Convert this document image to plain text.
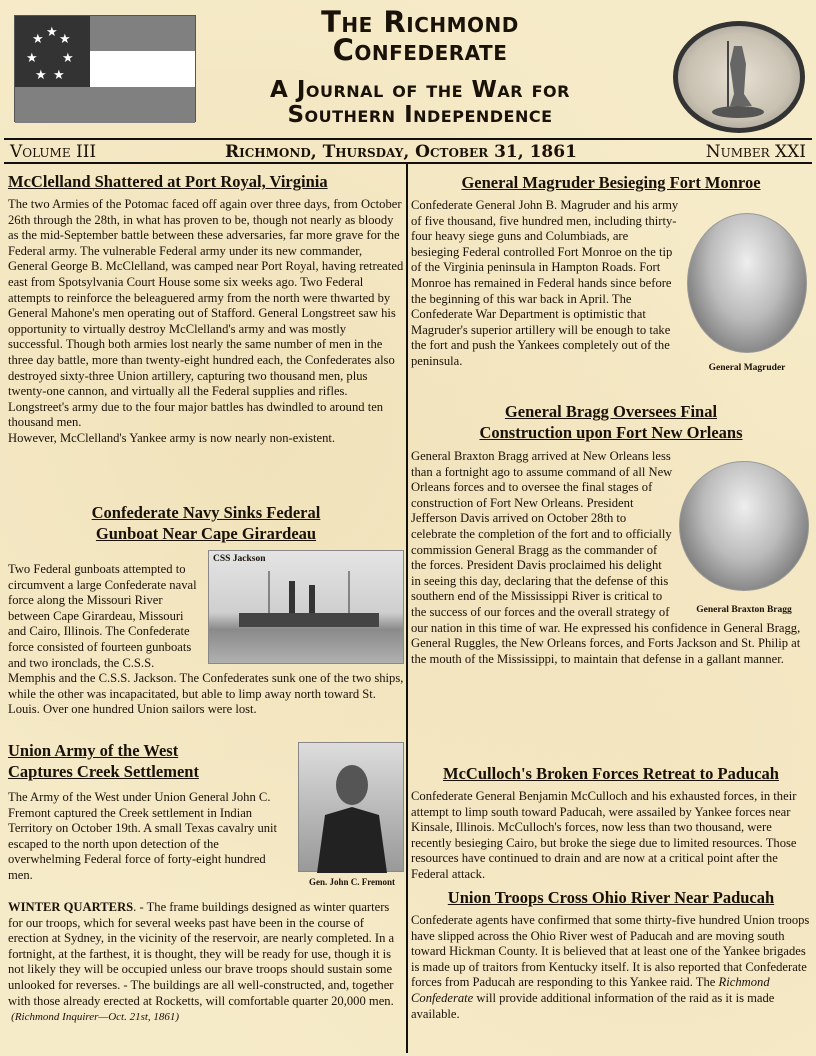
★ ★
★
★ ★
★ ★
The Richmond
Confederate
A Journal of the War for
Southern Independence
Volume III	Richmond, Thursday, October 31, 1861	Number XXI
McClelland Shattered at Port Royal, Virginia

The two Armies of the Potomac faced off again over three days, from October 26th through the 28th, in what has proven to be, though not nearly as bloody as the mid-September battle between these adversaries, far more grave for the Federal army. The vulnerable Federal army under its new commander, General George B. McClelland, was camped near Port Royal, having retreated east from Spotsylvania Court House some six weeks ago. Two Federal attempts to reinforce the beleaguered army from the north were thwarted by General Mahone's men operating out of Stafford. General Longstreet saw his opportunity to virtually destroy McClelland's army and was mostly successful. Though both armies lost nearly the same number of men in the three day battle, more than twenty-eight hundred each, the Confederates also destroyed sixty-three Union artillery, capturing two thousand men, plus twenty-one cannon, and virtually all the Federal supplies and rifles. Longstreet's army due to the four major battles has dwindled to around ten thousand men.

However, McClelland's Yankee army is now nearly non-existent.

Confederate Navy Sinks Federal
Gunboat Near Cape Girardeau
CSS Jackson

Two Federal gunboats attempted to circumvent a large Confederate naval force along the Missouri River between Cape Girardeau, Missouri and Cairo, Illinois. The Confederate force consisted of fourteen gunboats and two ironclads, the C.S.S. Memphis and the C.S.S. Jackson. The Confederates sunk one of the two ships, while the other was incapacitated, but able to limp away north toward St. Louis. Over one hundred Union sailors were lost.

Gen. John C. Fremont
Union Army of the West
Captures Creek Settlement

The Army of the West under Union General John C. Fremont captured the Creek settlement in Indian Territory on October 19th. A small Texas cavalry unit escaped to the north upon detection of the overwhelming Federal force of forty-eight hundred men.

WINTER QUARTERS. - The frame buildings designed as winter quarters for our troops, which for several weeks past have been in the course of erection at Sydney, in the vicinity of the reservoir, are nearly completed. In a fortnight, at the farthest, it is thought, they will be ready for use, though it is not likely they will be occupied unless our brave troops should sustain some unlooked for reverses. - The buildings are all well-constructed, and, together with those already erected at Rocketts, will comfortable quarter 20,000 men.  (Richmond Inquirer—Oct. 21st, 1861)

General Magruder Besieging Fort Monroe
General Magruder

Confederate General John B. Magruder and his army of five thousand, five hundred men, including thirty-four heavy siege guns and Columbiads, are besieging Federal controlled Fort Monroe on the tip of the Virginia peninsula in Hampton Roads. Fort Monroe has remained in Federal hands since before the beginning of this war back in April. The Confederate War Department is optimistic that Magruder's superior artillery will be enough to take the fort and push the Yankees completely out of the peninsula.

General Bragg Oversees Final
Construction upon Fort New Orleans
General Braxton Bragg

General Braxton Bragg arrived at New Orleans less than a fortnight ago to assume command of all New Orleans forces and to oversee the final stages of construction of Fort New Orleans. President Jefferson Davis arrived on October 28th to celebrate the completion of the fort and to officially commission General Bragg as the commander of the forces. President Davis proclaimed his delight in seeing this day, declaring that the defense of this southern end of the Mississippi River is critical to the success of our forces and the overall strategy of our nation in this time of war. He expressed his confidence in General Bragg, General Ruggles, the New Orleans forces, and Forts Jackson and St. Philip at the mouth of the Mississippi, to maintain that defense in a gallant manner.

McCulloch's Broken Forces Retreat to Paducah

Confederate General Benjamin McCulloch and his exhausted forces, in their attempt to limp south toward Paducah, were assailed by Yankee forces near Kinsale, Illinois. McCulloch's forces, now less than two thousand, were recently besieging Cairo, but broke the siege due to limited resources. Those resources have continued to drain and are now at a critical point after the Federal attack.

Union Troops Cross Ohio River Near Paducah

Confederate agents have confirmed that some thirty-five hundred Union troops have slipped across the Ohio River west of Paducah and are moving south toward Hickman County. It is believed that at least one of the Yankee brigades is made up of traitors from Kentucky itself. It is also reported that Confederate forces from Paducah are responding to this Yankee raid. The Richmond Confederate will provide additional information of the raid as it is made available.
